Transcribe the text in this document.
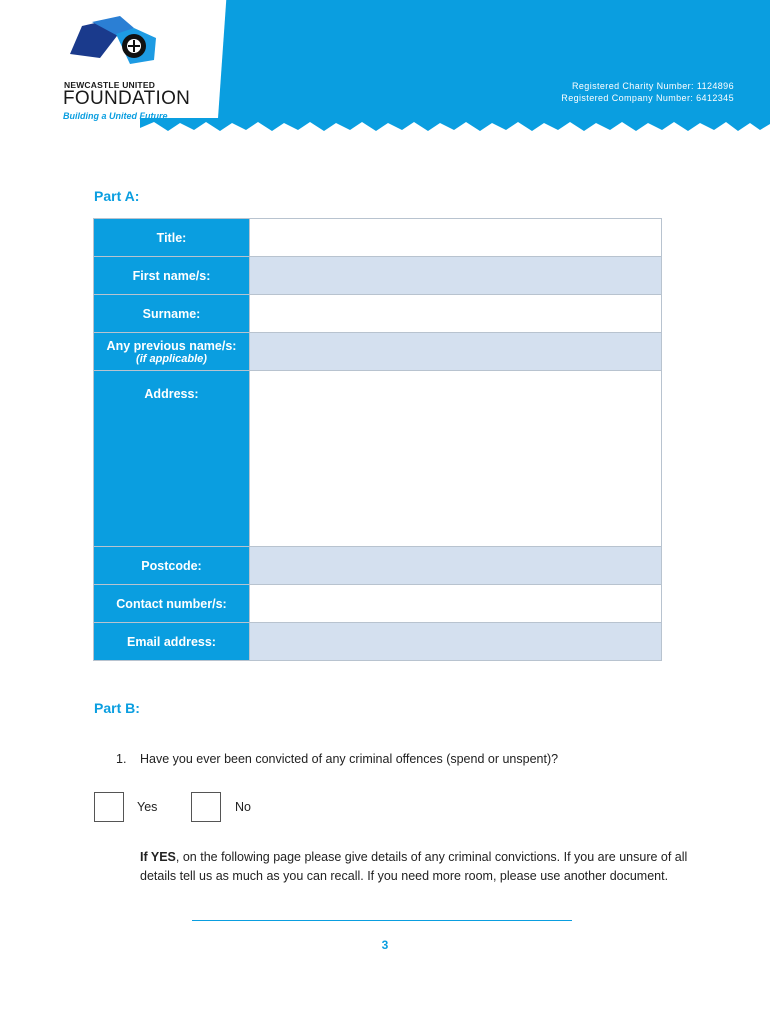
Registered Charity Number: 1124896
Registered Company Number: 6412345
NEWCASTLE UNITED
FOUNDATION
Building a United Future
Part A:
Title:	
First name/s:	
Surname:	
Any previous name/s:
(if applicable)	

Address:	
Postcode:	
Contact number/s:	
Email address:	
Part B:
1. Have you ever been convicted of any criminal offences (spend or unspent)?
Yes	No
If YES, on the following page please give details of any criminal convictions. If you are unsure of all details tell us as much as you can recall. If you need more room, please use another document.
3
